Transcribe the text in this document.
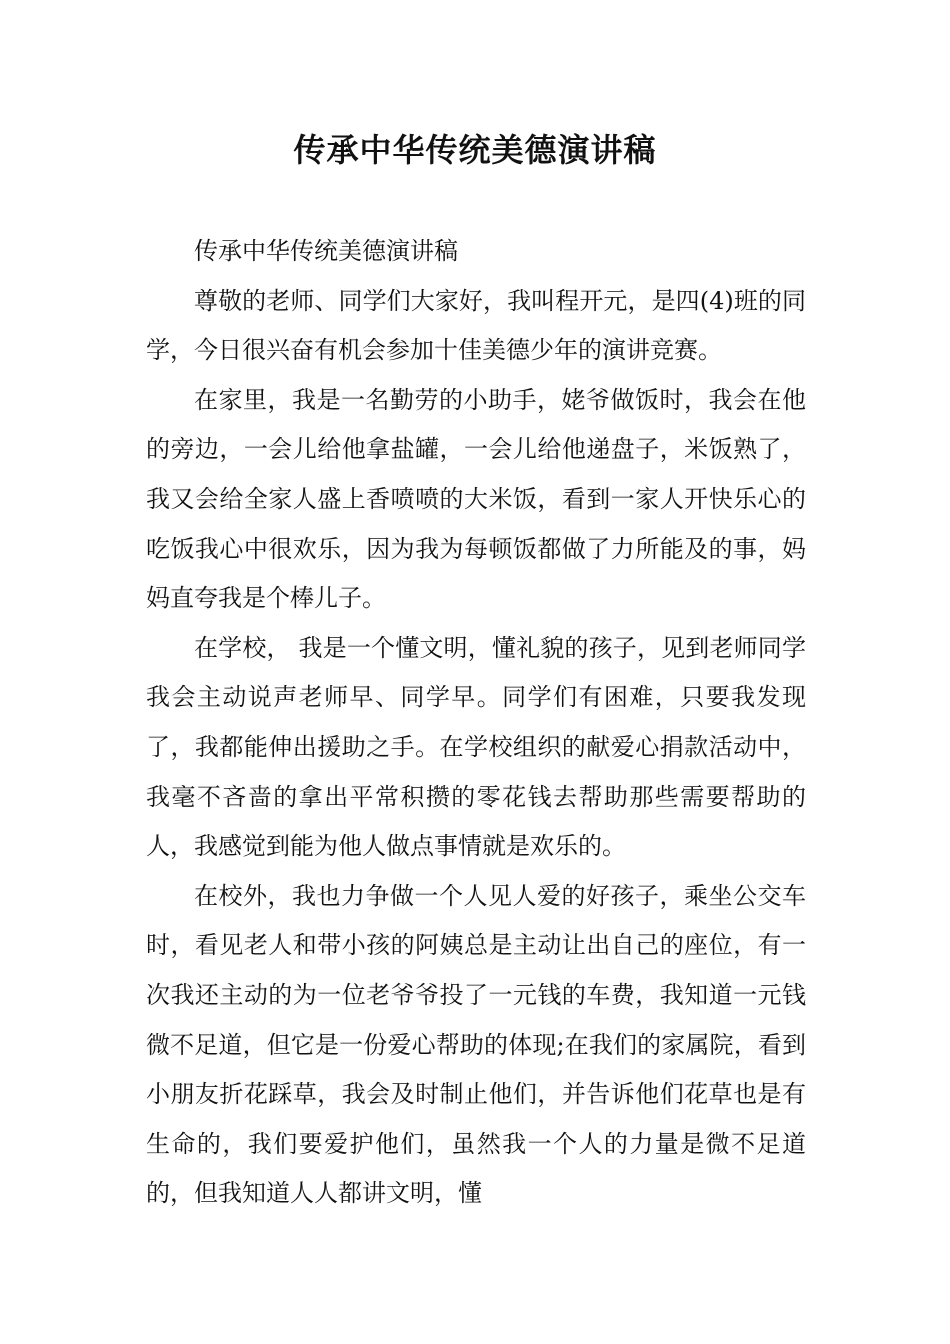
传承中华传统美德演讲稿

传承中华传统美德演讲稿

尊敬的老师、同学们大家好，我叫程开元，是四(4)班的同学，今日很兴奋有机会参加十佳美德少年的演讲竞赛。

在家里，我是一名勤劳的小助手，姥爷做饭时，我会在他的旁边，一会儿给他拿盐罐，一会儿给他递盘子，米饭熟了，我又会给全家人盛上香喷喷的大米饭，看到一家人开快乐心的吃饭我心中很欢乐，因为我为每顿饭都做了力所能及的事，妈妈直夸我是个棒儿子。

在学校， 我是一个懂文明，懂礼貌的孩子，见到老师同学我会主动说声老师早、同学早。同学们有困难，只要我发现了，我都能伸出援助之手。在学校组织的献爱心捐款活动中，我毫不吝啬的拿出平常积攒的零花钱去帮助那些需要帮助的人，我感觉到能为他人做点事情就是欢乐的。

在校外，我也力争做一个人见人爱的好孩子，乘坐公交车时，看见老人和带小孩的阿姨总是主动让出自己的座位，有一次我还主动的为一位老爷爷投了一元钱的车费，我知道一元钱微不足道，但它是一份爱心帮助的体现;在我们的家属院，看到小朋友折花踩草，我会及时制止他们，并告诉他们花草也是有生命的，我们要爱护他们，虽然我一个人的力量是微不足道的，但我知道人人都讲文明，懂
